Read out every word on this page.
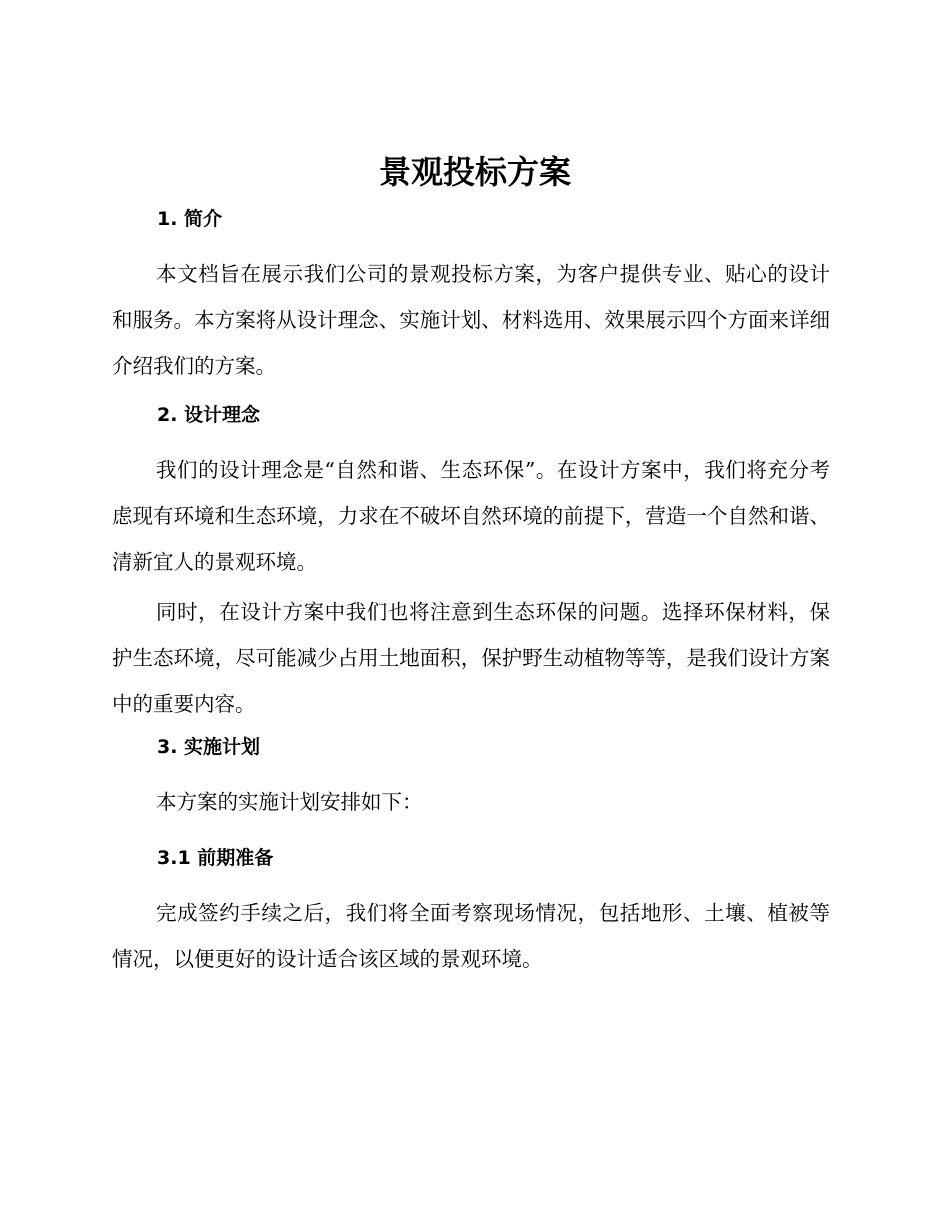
景观投标方案
1. 简介

本文档旨在展示我们公司的景观投标方案，为客户提供专业、贴心的设计和服务。本方案将从设计理念、实施计划、材料选用、效果展示四个方面来详细介绍我们的方案。

2. 设计理念

我们的设计理念是“自然和谐、生态环保”。在设计方案中，我们将充分考虑现有环境和生态环境，力求在不破坏自然环境的前提下，营造一个自然和谐、清新宜人的景观环境。

同时，在设计方案中我们也将注意到生态环保的问题。选择环保材料，保护生态环境，尽可能减少占用土地面积，保护野生动植物等等，是我们设计方案中的重要内容。

3. 实施计划

本方案的实施计划安排如下：

3.1 前期准备

完成签约手续之后，我们将全面考察现场情况，包括地形、土壤、植被等情况，以便更好的设计适合该区域的景观环境。
